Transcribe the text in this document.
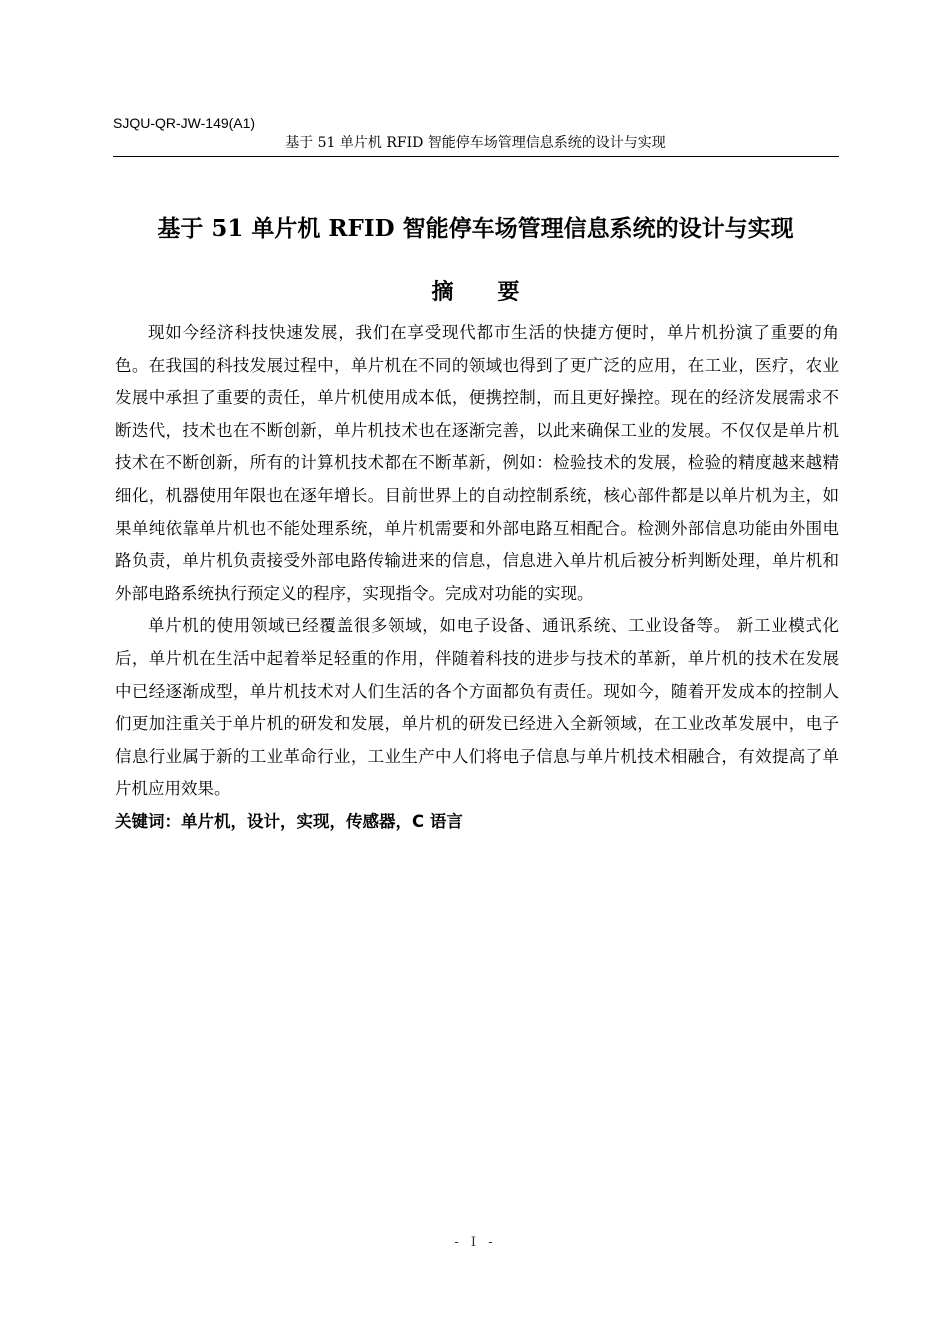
SJQU-QR-JW-149(A1)
基于 51 单片机 RFID 智能停车场管理信息系统的设计与实现
基于 51 单片机 RFID 智能停车场管理信息系统的设计与实现
摘要

现如今经济科技快速发展，我们在享受现代都市生活的快捷方便时，单片机扮演了重要的角色。在我国的科技发展过程中，单片机在不同的领域也得到了更广泛的应用，在工业，医疗，农业发展中承担了重要的责任，单片机使用成本低，便携控制，而且更好操控。现在的经济发展需求不断迭代，技术也在不断创新，单片机技术也在逐渐完善，以此来确保工业的发展。不仅仅是单片机技术在不断创新，所有的计算机技术都在不断革新，例如：检验技术的发展，检验的精度越来越精细化，机器使用年限也在逐年增长。目前世界上的自动控制系统，核心部件都是以单片机为主，如果单纯依靠单片机也不能处理系统，单片机需要和外部电路互相配合。检测外部信息功能由外围电路负责，单片机负责接受外部电路传输进来的信息，信息进入单片机后被分析判断处理，单片机和外部电路系统执行预定义的程序，实现指令。完成对功能的实现。

单片机的使用领域已经覆盖很多领域，如电子设备、通讯系统、工业设备等。 新工业模式化后，单片机在生活中起着举足轻重的作用，伴随着科技的进步与技术的革新，单片机的技术在发展中已经逐渐成型，单片机技术对人们生活的各个方面都负有责任。现如今，随着开发成本的控制人们更加注重关于单片机的研发和发展，单片机的研发已经进入全新领域，在工业改革发展中，电子信息行业属于新的工业革命行业，工业生产中人们将电子信息与单片机技术相融合，有效提高了单片机应用效果。

关键词：单片机，设计，实现，传感器，C 语言

- I -
